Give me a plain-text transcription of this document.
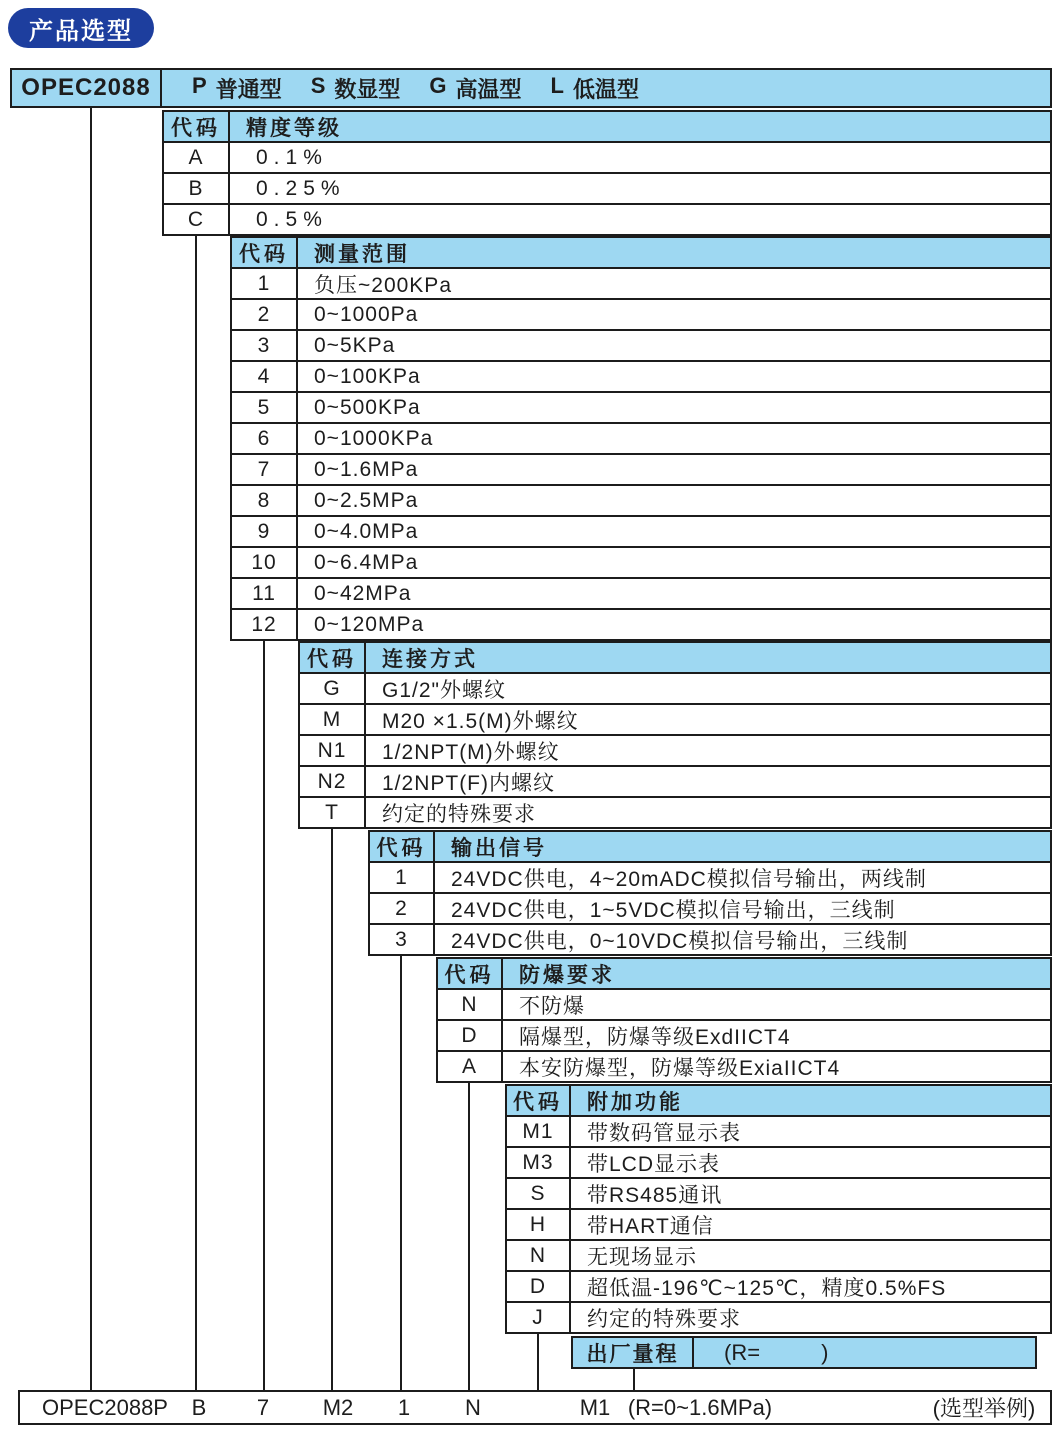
产品选型
OPEC2088	P 普通型 S 数显型 G 高温型 L 低温型
代码	精度等级
A	0.1%
B	0.25%
C	0.5%
代码	测量范围
1	负压~200KPa
2	0~1000Pa
3	0~5KPa
4	0~100KPa
5	0~500KPa
6	0~1000KPa
7	0~1.6MPa
8	0~2.5MPa
9	0~4.0MPa
10	0~6.4MPa
11	0~42MPa
12	0~120MPa
代码	连接方式
G	G1/2"外螺纹
M	M20 ×1.5(M)外螺纹
N1	1/2NPT(M)外螺纹
N2	1/2NPT(F)内螺纹
T	约定的特殊要求
代码	输出信号
1	24VDC供电，4~20mADC模拟信号输出，两线制
2	24VDC供电，1~5VDC模拟信号输出，三线制
3	24VDC供电，0~10VDC模拟信号输出，三线制
代码	防爆要求
N	不防爆
D	隔爆型，防爆等级ExdIICT4
A	本安防爆型，防爆等级ExiaIICT4
代码	附加功能
M1	带数码管显示表
M3	带LCD显示表
S	带RS485通讯
H	带HART通信
N	无现场显示
D	超低温-196℃~125℃，精度0.5%FS
J	约定的特殊要求
出厂量程	(R=          )
OPEC2088P	B	7	M2	1	N	M1 (R=0~1.6MPa)	(选型举例)
